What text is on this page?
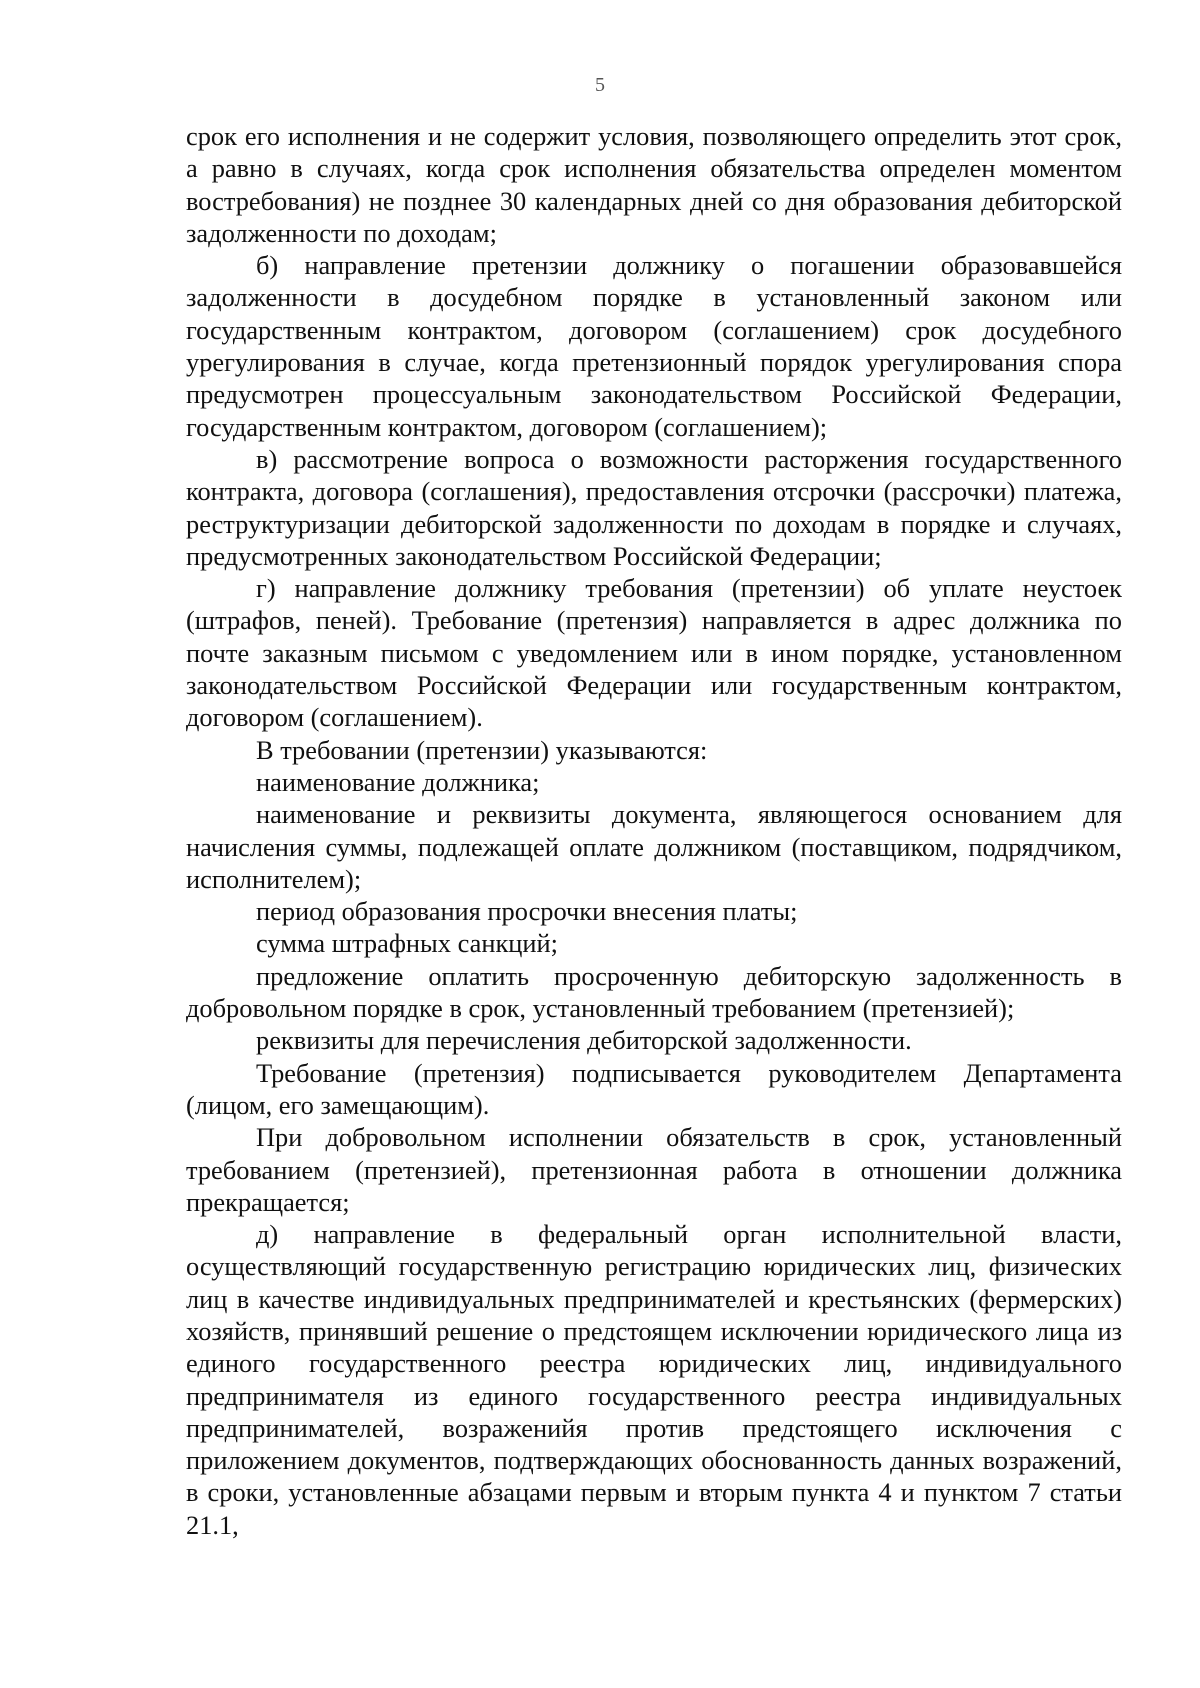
5

срок его исполнения и не содержит условия, позволяющего определить этот срок, а равно в случаях, когда срок исполнения обязательства определен моментом востребования) не позднее 30 календарных дней со дня образования дебиторской задолженности по доходам;

б) направление претензии должнику о погашении образовавшейся задолженности в досудебном порядке в установленный законом или государственным контрактом, договором (соглашением) срок досудебного урегулирования в случае, когда претензионный порядок урегулирования спора предусмотрен процессуальным законодательством Российской Федерации, государственным контрактом, договором (соглашением);

в) рассмотрение вопроса о возможности расторжения государственного контракта, договора (соглашения), предоставления отсрочки (рассрочки) платежа, реструктуризации дебиторской задолженности по доходам в порядке и случаях, предусмотренных законодательством Российской Федерации;

г) направление должнику требования (претензии) об уплате неустоек (штрафов, пеней). Требование (претензия) направляется в адрес должника по почте заказным письмом с уведомлением или в ином порядке, установленном законодательством Российской Федерации или государственным контрактом, договором (соглашением).

В требовании (претензии) указываются:

наименование должника;

наименование и реквизиты документа, являющегося основанием для начисления суммы, подлежащей оплате должником (поставщиком, подрядчиком, исполнителем);

период образования просрочки внесения платы;

сумма штрафных санкций;

предложение оплатить просроченную дебиторскую задолженность в добровольном порядке в срок, установленный требованием (претензией);

реквизиты для перечисления дебиторской задолженности.

Требование (претензия) подписывается руководителем Департамента (лицом, его замещающим).

При добровольном исполнении обязательств в срок, установленный требованием (претензией), претензионная работа в отношении должника прекращается;

д) направление в федеральный орган исполнительной власти, осуществляющий государственную регистрацию юридических лиц, физических лиц в качестве индивидуальных предпринимателей и крестьянских (фермерских) хозяйств, принявший решение о предстоящем исключении юридического лица из единого государственного реестра юридических лиц, индивидуального предпринимателя из единого государственного реестра индивидуальных предпринимателей, возраженийя против предстоящего исключения с приложением документов, подтверждающих обоснованность данных возражений, в сроки, установленные абзацами первым и вторым пункта 4 и пунктом 7 статьи 21.1,
